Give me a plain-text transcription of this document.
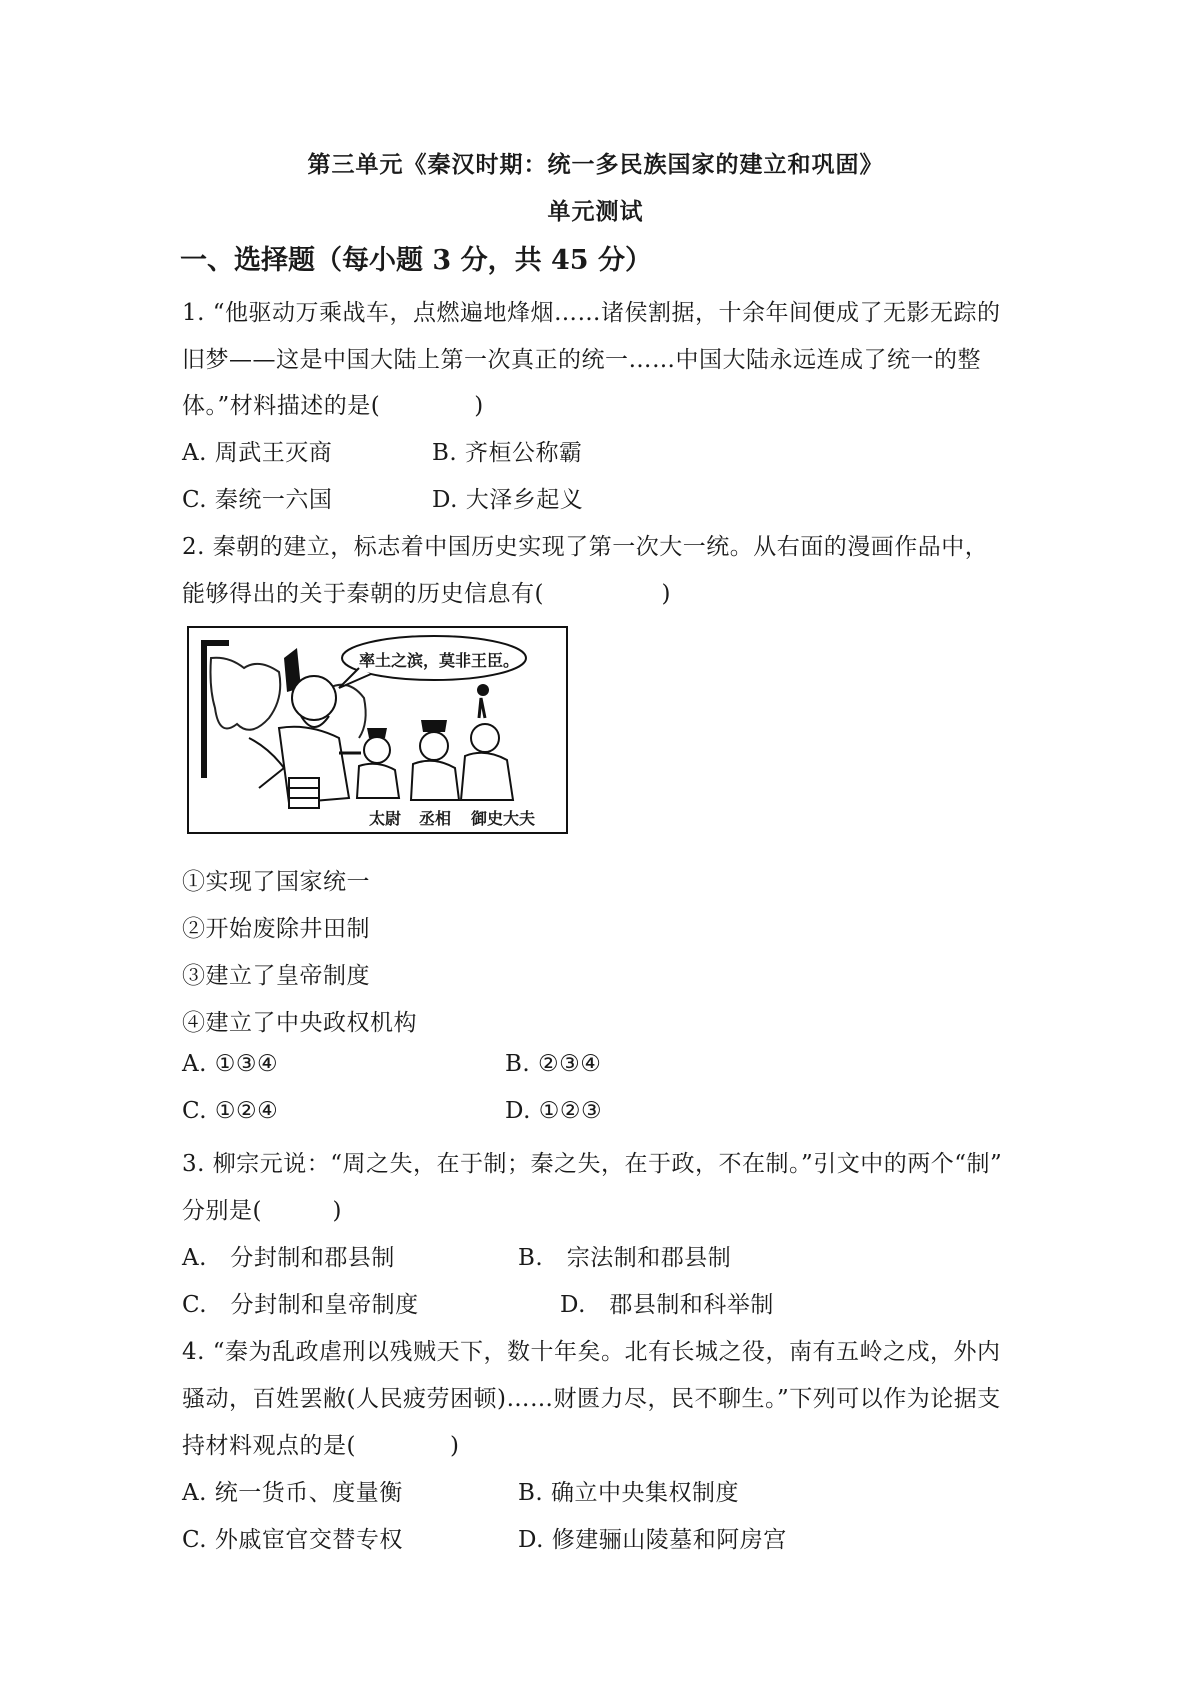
第三单元《秦汉时期：统一多民族国家的建立和巩固》
单元测试
一、选择题（每小题 3 分，共 45 分）
1. “他驱动万乘战车，点燃遍地烽烟……诸侯割据，十余年间便成了无影无踪的
旧梦——这是中国大陆上第一次真正的统一……中国大陆永远连成了统一的整
体。”材料描述的是(　　　　)
A. 周武王灭商	B. 齐桓公称霸
C. 秦统一六国	D. 大泽乡起义
2. 秦朝的建立，标志着中国历史实现了第一次大一统。从右面的漫画作品中，
能够得出的关于秦朝的历史信息有(　　　　　)
率土之滨，莫非王臣。
太尉 丞相 御史大夫
①实现了国家统一
②开始废除井田制
③建立了皇帝制度
④建立了中央政权机构
A. ①③④	B. ②③④
C. ①②④	D. ①②③
3. 柳宗元说：“周之失，在于制；秦之失，在于政，不在制。”引文中的两个“制”
分别是(　　　)
A.　分封制和郡县制	B.　宗法制和郡县制
C.　分封制和皇帝制度	D.　郡县制和科举制
4. “秦为乱政虐刑以残贼天下，数十年矣。北有长城之役，南有五岭之戍，外内
骚动，百姓罢敝(人民疲劳困顿)……财匮力尽，民不聊生。”下列可以作为论据支
持材料观点的是(　　　　)
A. 统一货币、度量衡	B. 确立中央集权制度
C. 外戚宦官交替专权	D. 修建骊山陵墓和阿房宫
